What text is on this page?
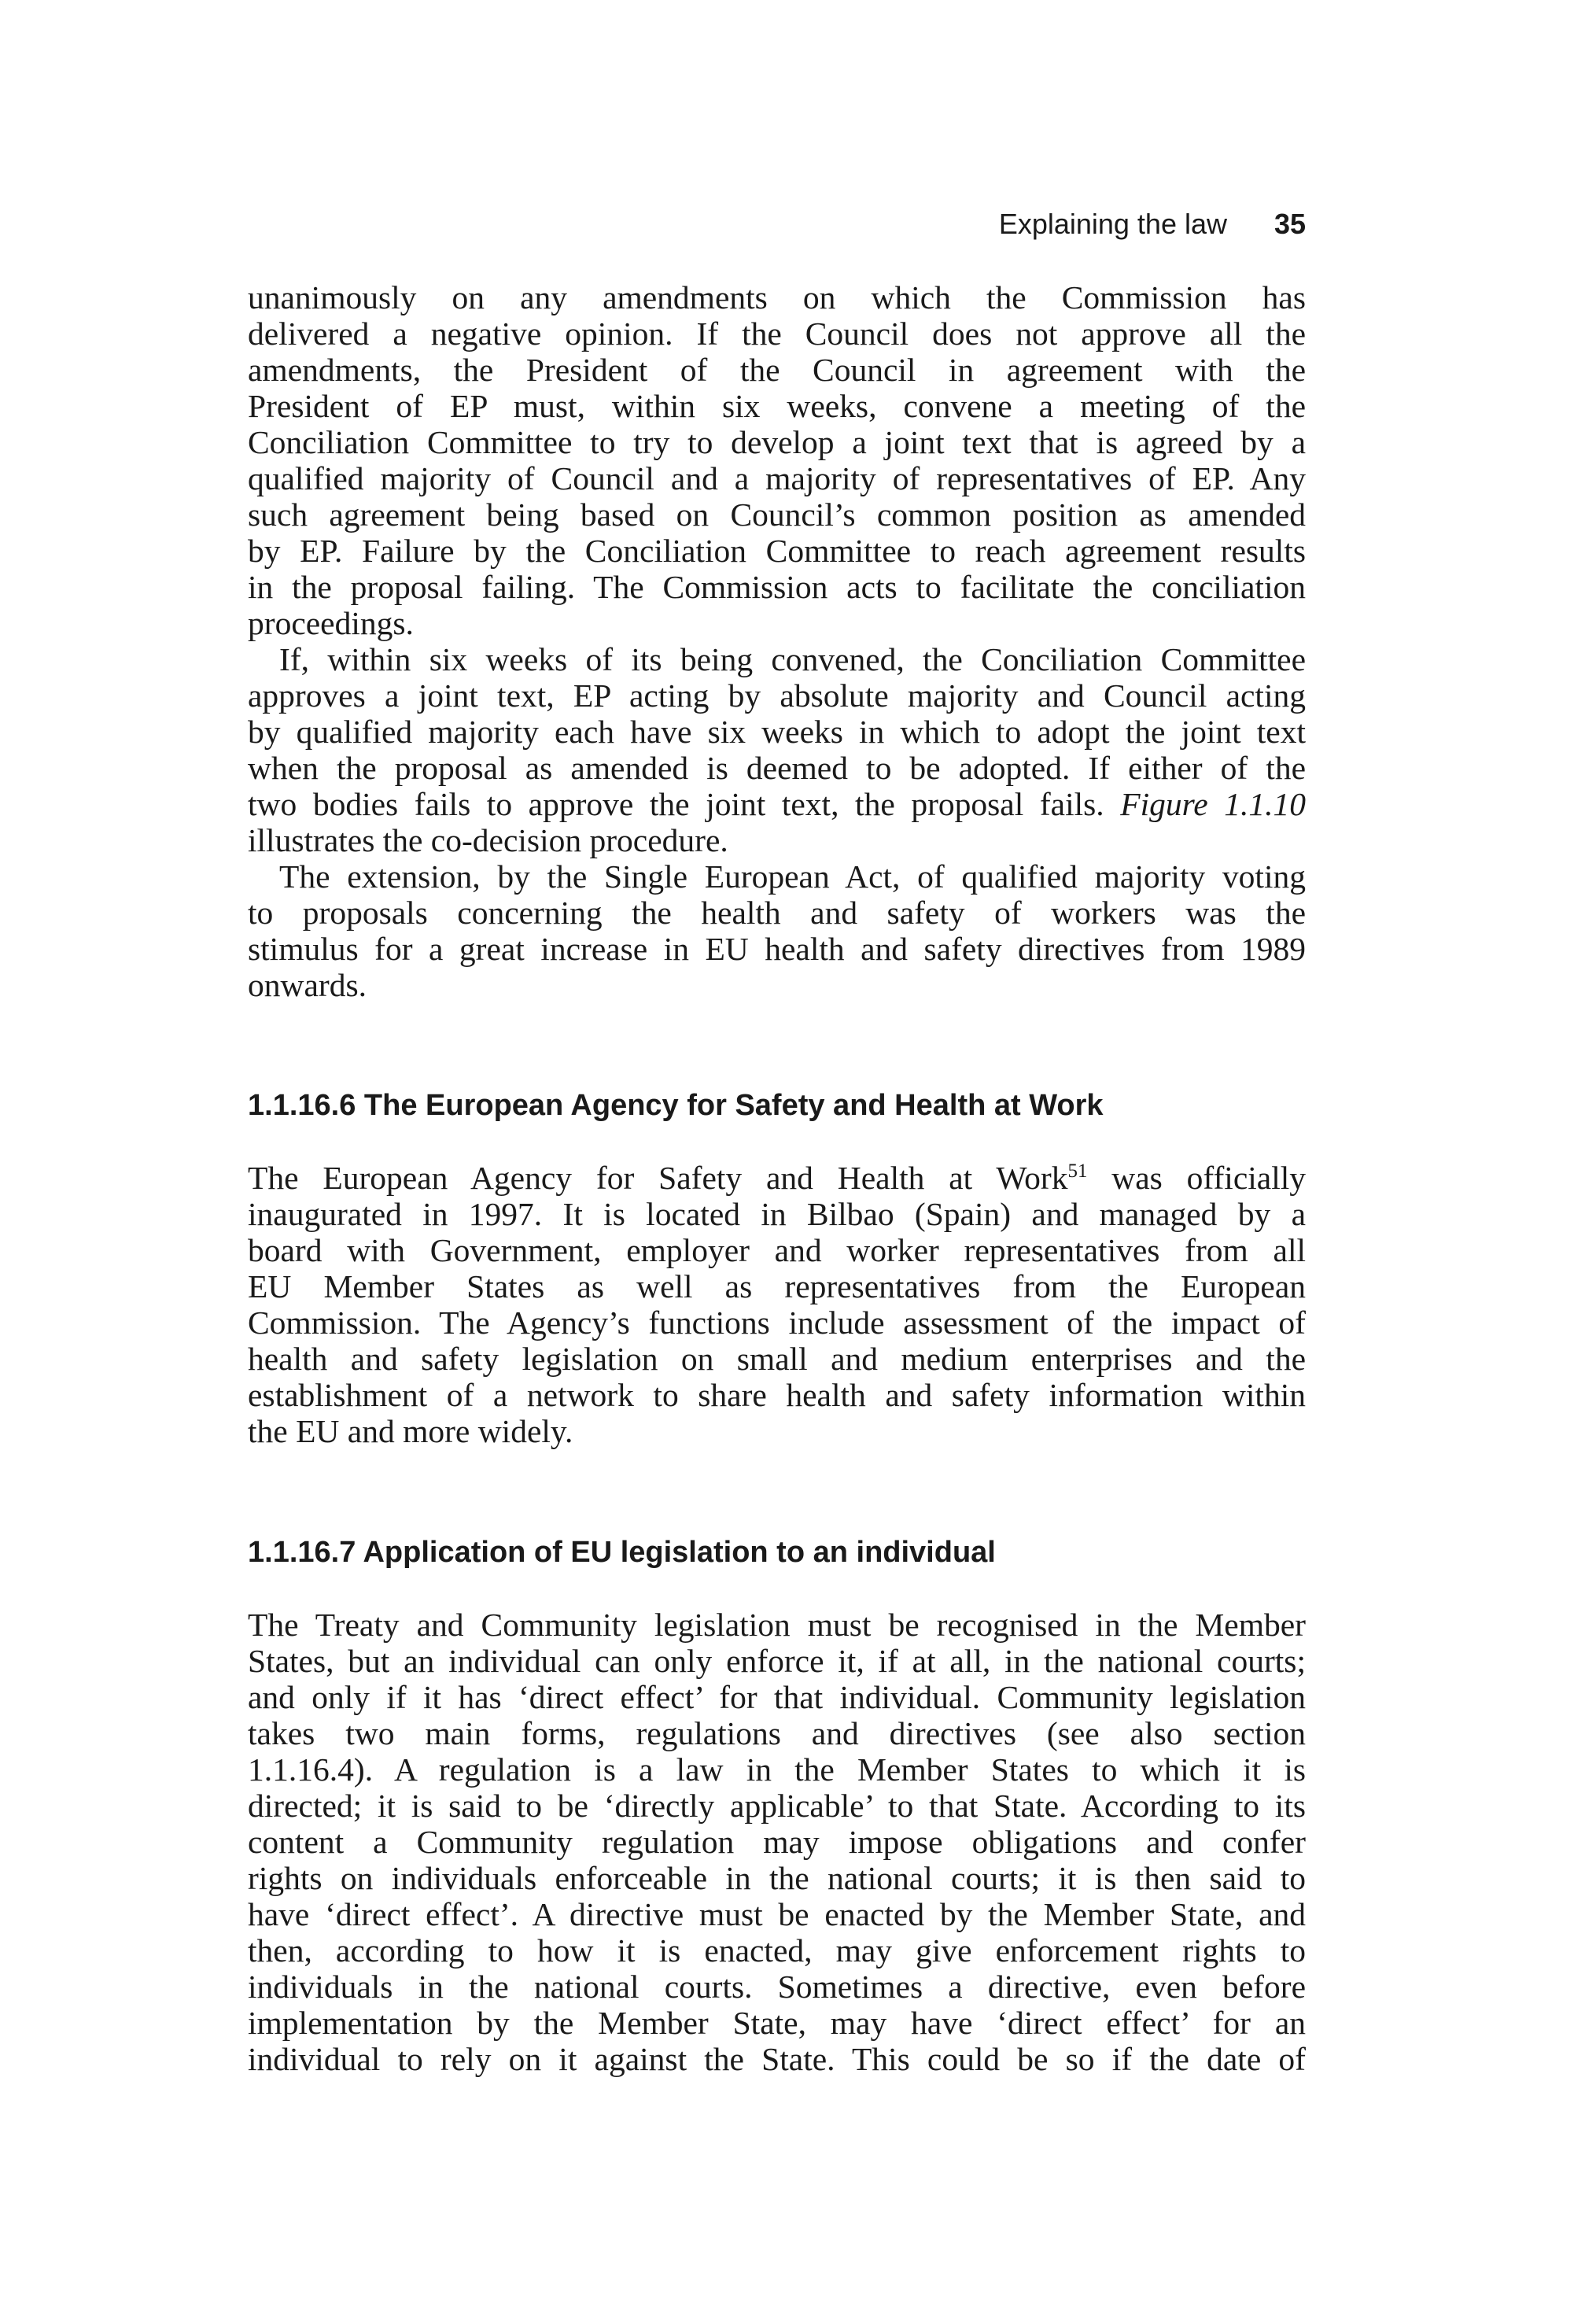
Explaining the law 35
unanimously on any amendments on which the Commission has
delivered a negative opinion. If the Council does not approve all the
amendments, the President of the Council in agreement with the
President of EP must, within six weeks, convene a meeting of the
Conciliation Committee to try to develop a joint text that is agreed by a
qualified majority of Council and a majority of representatives of EP. Any
such agreement being based on Council’s common position as amended
by EP. Failure by the Conciliation Committee to reach agreement results
in the proposal failing. The Commission acts to facilitate the conciliation
proceedings.
If, within six weeks of its being convened, the Conciliation Committee
approves a joint text, EP acting by absolute majority and Council acting
by qualified majority each have six weeks in which to adopt the joint text
when the proposal as amended is deemed to be adopted. If either of the
two bodies fails to approve the joint text, the proposal fails. Figure 1.1.10
illustrates the co-decision procedure.
The extension, by the Single European Act, of qualified majority voting
to proposals concerning the health and safety of workers was the
stimulus for a great increase in EU health and safety directives from 1989
onwards.
1.1.16.6 The European Agency for Safety and Health at Work
The European Agency for Safety and Health at Work$^{51}$ was officially
inaugurated in 1997. It is located in Bilbao (Spain) and managed by a
board with Government, employer and worker representatives from all
EU Member States as well as representatives from the European
Commission. The Agency’s functions include assessment of the impact of
health and safety legislation on small and medium enterprises and the
establishment of a network to share health and safety information within
the EU and more widely.
1.1.16.7 Application of EU legislation to an individual
The Treaty and Community legislation must be recognised in the Member
States, but an individual can only enforce it, if at all, in the national courts;
and only if it has ‘direct effect’ for that individual. Community legislation
takes two main forms, regulations and directives (see also section
1.1.16.4). A regulation is a law in the Member States to which it is
directed; it is said to be ‘directly applicable’ to that State. According to its
content a Community regulation may impose obligations and confer
rights on individuals enforceable in the national courts; it is then said to
have ‘direct effect’. A directive must be enacted by the Member State, and
then, according to how it is enacted, may give enforcement rights to
individuals in the national courts. Sometimes a directive, even before
implementation by the Member State, may have ‘direct effect’ for an
individual to rely on it against the State. This could be so if the date of
